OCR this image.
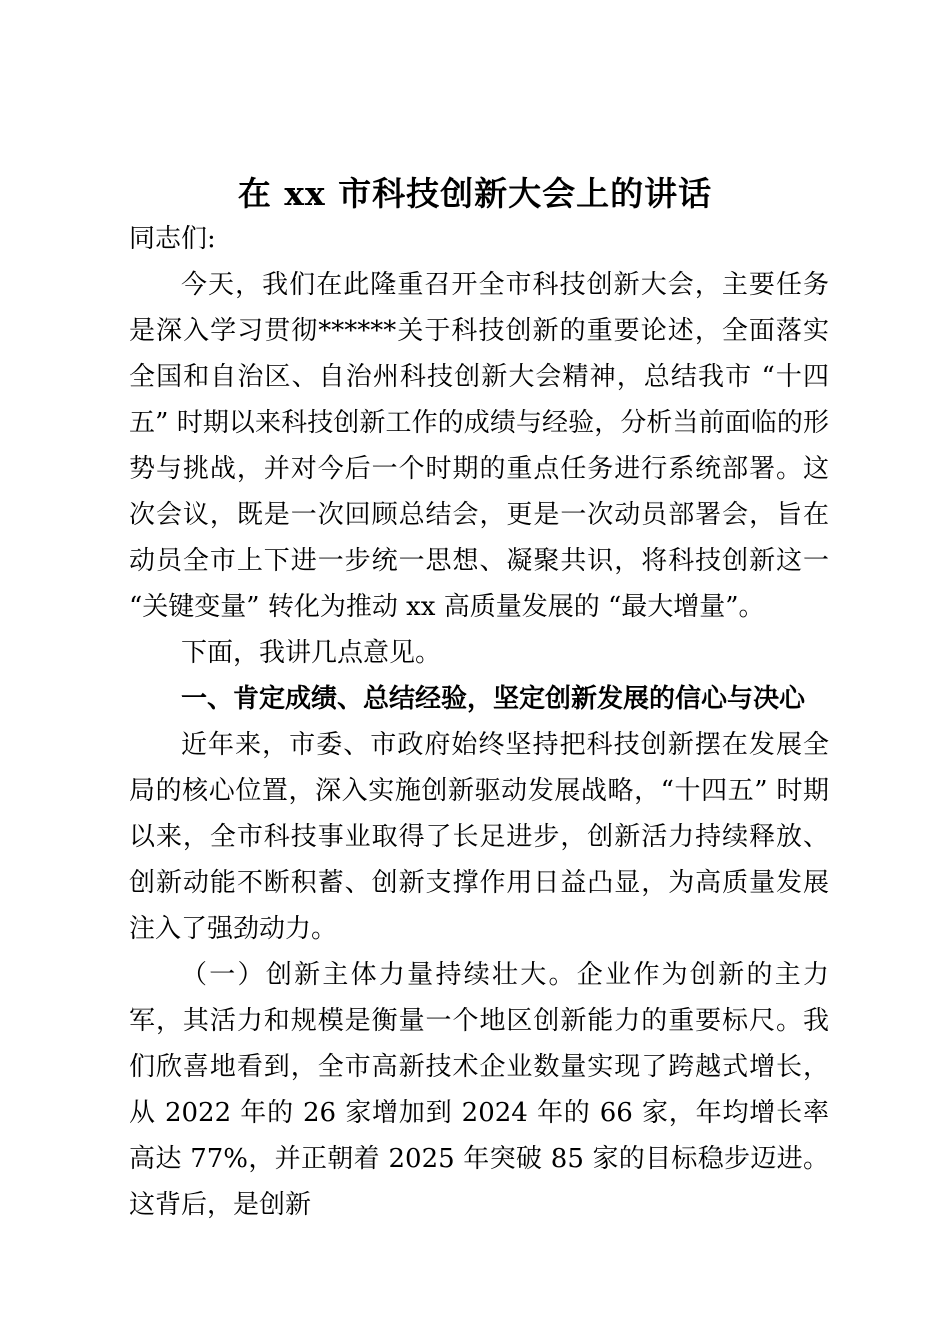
在 xx 市科技创新大会上的讲话

同志们:

今天，我们在此隆重召开全市科技创新大会，主要任务是深入学习贯彻******关于科技创新的重要论述，全面落实全国和自治区、自治州科技创新大会精神，总结我市 “十四五” 时期以来科技创新工作的成绩与经验，分析当前面临的形势与挑战，并对今后一个时期的重点任务进行系统部署。这次会议，既是一次回顾总结会，更是一次动员部署会，旨在动员全市上下进一步统一思想、凝聚共识，将科技创新这一 “关键变量” 转化为推动 xx 高质量发展的 “最大增量”。

下面，我讲几点意见。

一、肯定成绩、总结经验，坚定创新发展的信心与决心

近年来，市委、市政府始终坚持把科技创新摆在发展全局的核心位置，深入实施创新驱动发展战略，“十四五” 时期以来，全市科技事业取得了长足进步，创新活力持续释放、创新动能不断积蓄、创新支撑作用日益凸显，为高质量发展注入了强劲动力。

（一）创新主体力量持续壮大。企业作为创新的主力军，其活力和规模是衡量一个地区创新能力的重要标尺。我们欣喜地看到，全市高新技术企业数量实现了跨越式增长，从 2022 年的 26 家增加到 2024 年的 66 家，年均增长率高达 77%，并正朝着 2025 年突破 85 家的目标稳步迈进。这背后，是创新
